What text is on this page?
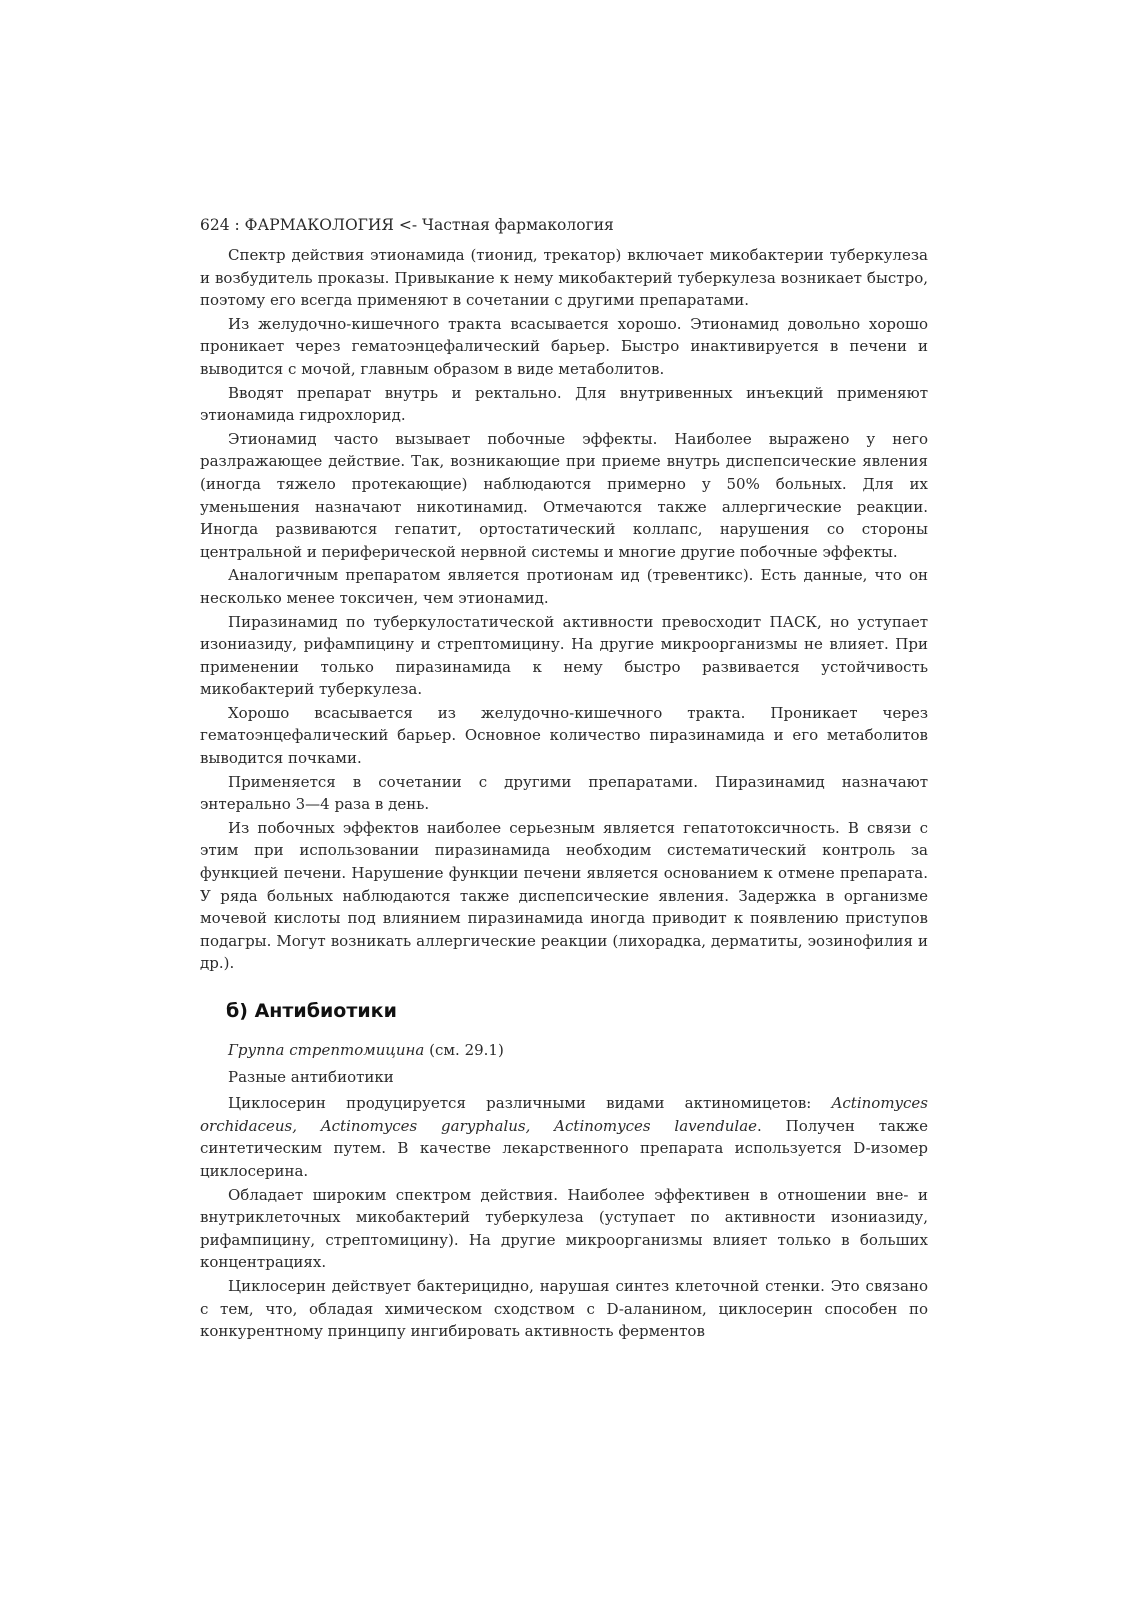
624 : ФАРМАКОЛОГИЯ <- Частная фармакология

Спектр действия этионамида (тионид, трекатор) включает микобактерии туберкулеза и возбудитель проказы. Привыкание к нему микобактерий туберкулеза возникает быстро, поэтому его всегда применяют в сочетании с другими препаратами.

Из желудочно-кишечного тракта всасывается хорошо. Этионамид довольно хорошо проникает через гематоэнцефалический барьер. Быстро инактивируется в печени и выводится с мочой, главным образом в виде метаболитов.

Вводят препарат внутрь и ректально. Для внутривенных инъекций применяют этионамида гидрохлорид.

Этионамид часто вызывает побочные эффекты. Наиболее выражено у него разлражающее действие. Так, возникающие при приеме внутрь диспепсические явления (иногда тяжело протекающие) наблюдаются примерно у 50% больных. Для их уменьшения назначают никотинамид. Отмечаются также аллергические реакции. Иногда развиваются гепатит, ортостатический коллапс, нарушения со стороны центральной и периферической нервной системы и многие другие побочные эффекты.

Аналогичным препаратом является протионам ид (тревентикс). Есть данные, что он несколько менее токсичен, чем этионамид.

Пиразинамид по туберкулостатической активности превосходит ПАСК, но уступает изониазиду, рифампицину и стрептомицину. На другие микроорганизмы не влияет. При применении только пиразинамида к нему быстро развивается устойчивость микобактерий туберкулеза.

Хорошо всасывается из желудочно-кишечного тракта. Проникает через гематоэнцефалический барьер. Основное количество пиразинамида и его метаболитов выводится почками.

Применяется в сочетании с другими препаратами. Пиразинамид назначают энтерально 3—4 раза в день.

Из побочных эффектов наиболее серьезным является гепатотоксичность. В связи с этим при использовании пиразинамида необходим систематический контроль за функцией печени. Нарушение функции печени является основанием к отмене препарата. У ряда больных наблюдаются также диспепсические явления. Задержка в организме мочевой кислоты под влиянием пиразинамида иногда приводит к появлению приступов подагры. Могут возникать аллергические реакции (лихорадка, дерматиты, эозинофилия и др.).

б) Антибиотики
Группа стрептомицина (см. 29.1)
Разные антибиотики

Циклосерин продуцируется различными видами актиномицетов: Actinomyces orchidaceus, Actinomyces garyphalus, Actinomyces lavendulae. Получен также синтетическим путем. В качестве лекарственного препарата используется D-изомер циклосерина.

Обладает широким спектром действия. Наиболее эффективен в отношении вне- и внутриклеточных микобактерий туберкулеза (уступает по активности изониазиду, рифампицину, стрептомицину). На другие микроорганизмы влияет только в больших концентрациях.

Циклосерин действует бактерицидно, нарушая синтез клеточной стенки. Это связано с тем, что, обладая химическом сходством с D-аланином, циклосерин способен по конкурентному принципу ингибировать активность ферментов
